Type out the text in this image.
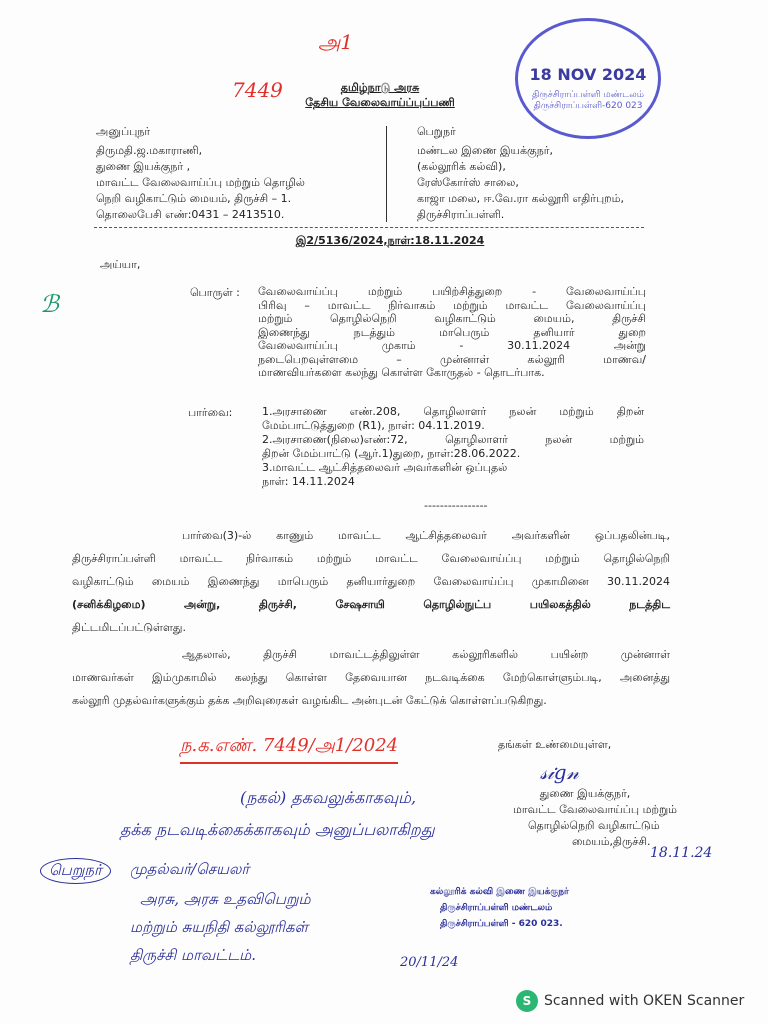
அ1
7449
18 NOV 2024
திருச்சிராப்பள்ளி மண்டலம் திருச்சிராப்பள்ளி-620 023
தமிழ்நாடு அரசு
தேசிய வேலைவாய்ப்புப்பணி
அனுப்புநர்
திருமதி.ஜ.மகாராணி,
துணை இயக்குநர் ,
மாவட்ட வேலைவாய்ப்பு மற்றும் தொழில்
நெறி வழிகாட்டும் மையம், திருச்சி – 1.
தொலைபேசி எண்:0431 – 2413510.
பெறுநர்
மண்டல இணை இயக்குநர்,
(கல்லூரிக் கல்வி),
ரேஸ்கோர்ஸ் சாலை,
காஜா மலை, ஈ.வே.ரா கல்லூரி எதிர்புறம்,
திருச்சிராப்பள்ளி.
இ2/5136/2024,நாள்:18.11.2024
அய்யா,
ℬ	பொருள் : வேலைவாய்ப்பு மற்றும் பயிற்சித்துறை - வேலைவாய்ப்பு
பிரிவு – மாவட்ட நிர்வாகம் மற்றும் மாவட்ட வேலைவாய்ப்பு
மற்றும் தொழில்நெறி வழிகாட்டும் மையம், திருச்சி
இணைந்து நடத்தும் மாபெரும் தனியார் துறை
வேலைவாய்ப்பு முகாம் - 30.11.2024 அன்று
நடைபெறவுள்ளமை – முன்னாள் கல்லூரி மாணவ/
மாணவியர்களை கலந்து கொள்ள கோருதல் - தொடர்பாக.
பார்வை:	1.அரசாணை எண்.208, தொழிலாளர் நலன் மற்றும் திறன்
மேம்பாட்டுத்துறை (R1), நாள்: 04.11.2019.
2.அரசாணை(நிலை)எண்:72, தொழிலாளர் நலன் மற்றும்
திறன் மேம்பாட்டு (ஆர்.1)துறை, நாள்:28.06.2022.
3.மாவட்ட ஆட்சித்தலைவர் அவர்களின் ஒப்புதல்
நாள்: 14.11.2024
----------------
பார்வை(3)-ல் காணும் மாவட்ட ஆட்சித்தலைவர் அவர்களின் ஒப்பதலின்படி,
திருச்சிராப்பள்ளி மாவட்ட நிர்வாகம் மற்றும் மாவட்ட வேலைவாய்ப்பு மற்றும் தொழில்நெறி
வழிகாட்டும் மையம் இணைந்து மாபெரும் தனியார்துறை வேலைவாய்ப்பு முகாமினை 30.11.2024
(சனிக்கிழமை) அன்று, திருச்சி, சேஷசாயி தொழில்நுட்ப பயிலகத்தில் நடத்திட
திட்டமிடப்பட்டுள்ளது.
ஆதலால், திருச்சி மாவட்டத்திலுள்ள கல்லூரிகளில் பயின்ற முன்னாள்
மாணவர்கள் இம்முகாமில் கலந்து கொள்ள தேவையான நடவடிக்கை மேற்கொள்ளும்படி, அனைத்து
கல்லூரி முதல்வர்களுக்கும் தக்க அறிவுரைகள் வழங்கிட அன்புடன் கேட்டுக் கொள்ளப்படுகிறது.
ந.க.எண். 7449/அ1/2024	தங்கள் உண்மையுள்ள,
𝓈𝒾𝑔𝓃
(நகல்) தகவலுக்காகவும்,
தக்க நடவடிக்கைக்காகவும் அனுப்பலாகிறது
துணை இயக்குநர்,
மாவட்ட வேலைவாய்ப்பு மற்றும்
தொழில்நெறி வழிகாட்டும்
மையம்,திருச்சி.
18.11.24
பெறுநர்	முதல்வர்/செயலர்
அரசு, அரசு உதவிபெறும்
மற்றும் சுயநிதி கல்லூரிகள்
திருச்சி மாவட்டம்.
கல்லூரிக் கல்வி இணை இயக்குநர்
திருச்சிராப்பள்ளி மண்டலம்
திருச்சிராப்பள்ளி - 620 023.
20/11/24
S Scanned with OKEN Scanner
